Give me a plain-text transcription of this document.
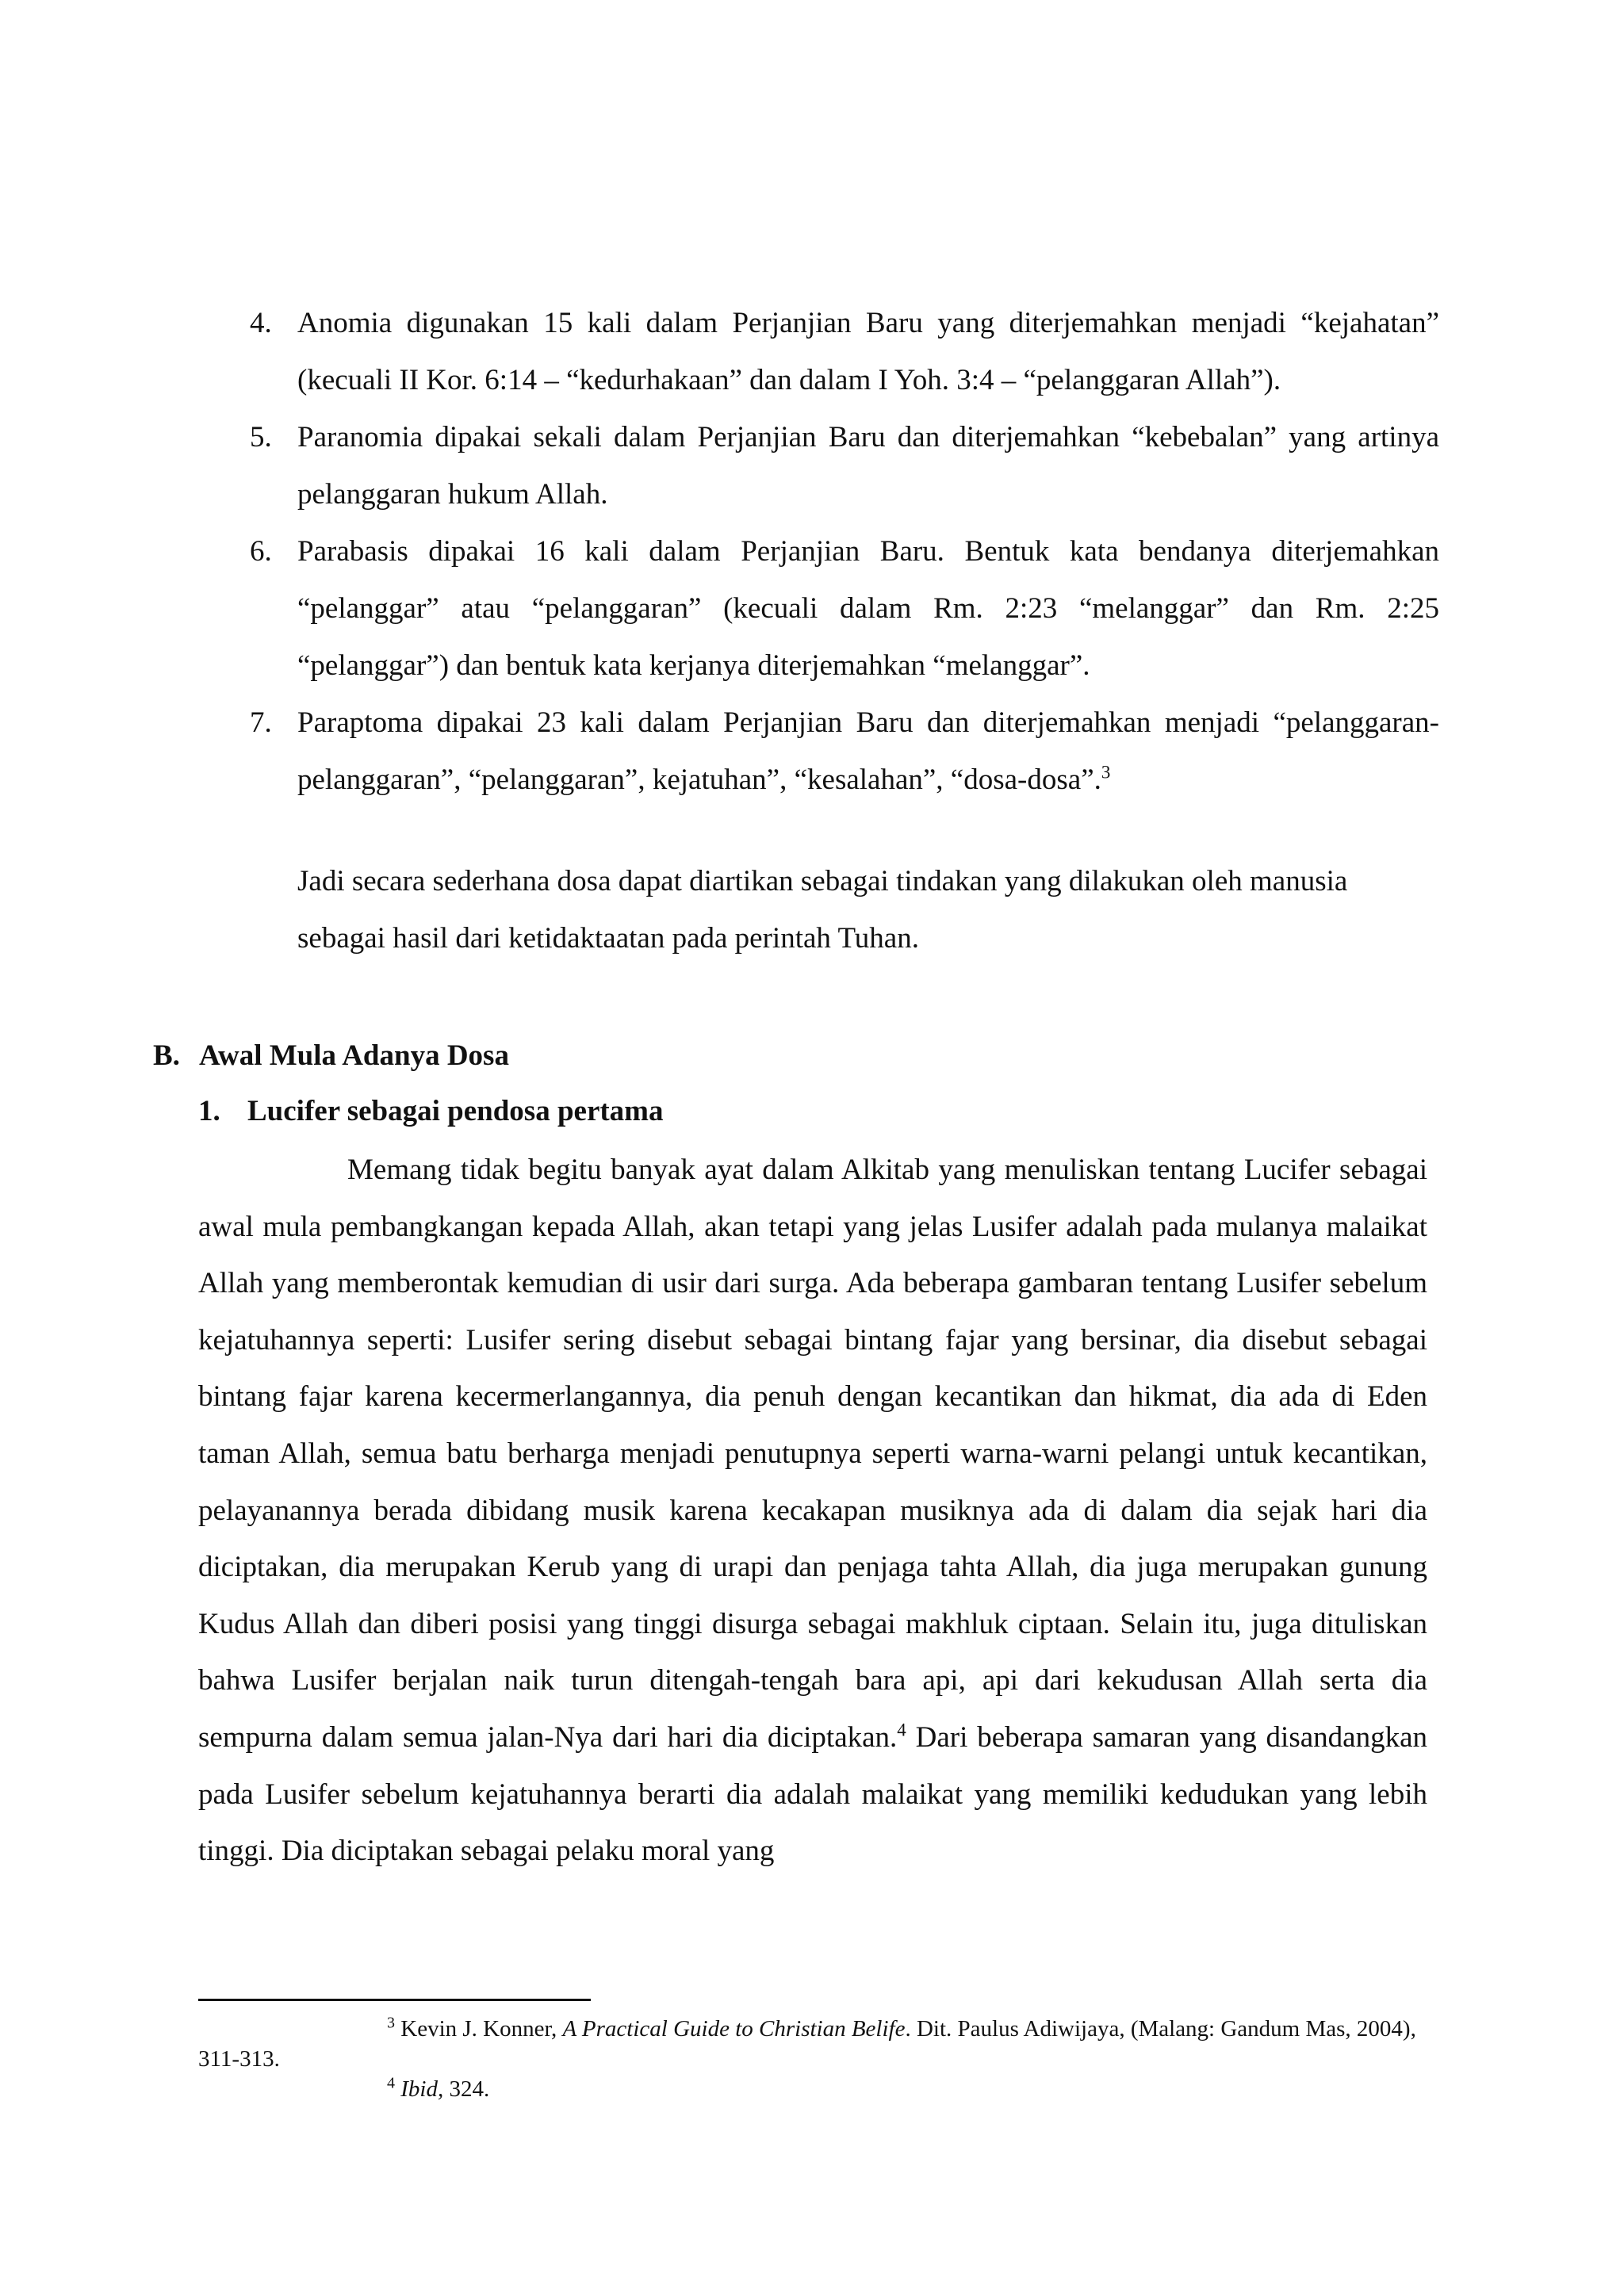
4. Anomia digunakan 15 kali dalam Perjanjian Baru yang diterjemahkan menjadi “kejahatan” (kecuali II Kor. 6:14 – “kedurhakaan” dan dalam I Yoh. 3:4 – “pelanggaran Allah”).
5. Paranomia dipakai sekali dalam Perjanjian Baru dan diterjemahkan “kebebalan” yang artinya pelanggaran hukum Allah.
6. Parabasis dipakai 16 kali dalam Perjanjian Baru. Bentuk kata bendanya diterjemahkan “pelanggar” atau “pelanggaran” (kecuali dalam Rm. 2:23 “melanggar” dan Rm. 2:25 “pelanggar”) dan bentuk kata kerjanya diterjemahkan “melanggar”.
7. Paraptoma dipakai 23 kali dalam Perjanjian Baru dan diterjemahkan menjadi “pelanggaran-pelanggaran”, “pelanggaran”, kejatuhan”, “kesalahan”, “dosa-dosa”.$^3$
Jadi secara sederhana dosa dapat diartikan sebagai tindakan yang dilakukan oleh manusia sebagai hasil dari ketidaktaatan pada perintah Tuhan.
B. Awal Mula Adanya Dosa
1. Lucifer sebagai pendosa pertama
Memang tidak begitu banyak ayat dalam Alkitab yang menuliskan tentang Lucifer sebagai awal mula pembangkangan kepada Allah, akan tetapi yang jelas Lusifer adalah pada mulanya malaikat Allah yang memberontak kemudian di usir dari surga. Ada beberapa gambaran tentang Lusifer sebelum kejatuhannya seperti: Lusifer sering disebut sebagai bintang fajar yang bersinar, dia disebut sebagai bintang fajar karena kecermerlangannya, dia penuh dengan kecantikan dan hikmat, dia ada di Eden taman Allah, semua batu berharga menjadi penutupnya seperti warna-warni pelangi untuk kecantikan, pelayanannya berada dibidang musik karena kecakapan musiknya ada di dalam dia sejak hari dia diciptakan, dia merupakan Kerub yang di urapi dan penjaga tahta Allah, dia juga merupakan gunung Kudus Allah dan diberi posisi yang tinggi disurga sebagai makhluk ciptaan. Selain itu, juga dituliskan bahwa Lusifer berjalan naik turun ditengah-tengah bara api, api dari kekudusan Allah serta dia sempurna dalam semua jalan-Nya dari hari dia diciptakan.$^4$ Dari beberapa samaran yang disandangkan pada Lusifer sebelum kejatuhannya berarti dia adalah malaikat yang memiliki kedudukan yang lebih tinggi. Dia diciptakan sebagai pelaku moral yang
$^3$ Kevin J. Konner, A Practical Guide to Christian Belife. Dit. Paulus Adiwijaya, (Malang: Gandum Mas, 2004), 311-313.
$^4$ Ibid, 324.
